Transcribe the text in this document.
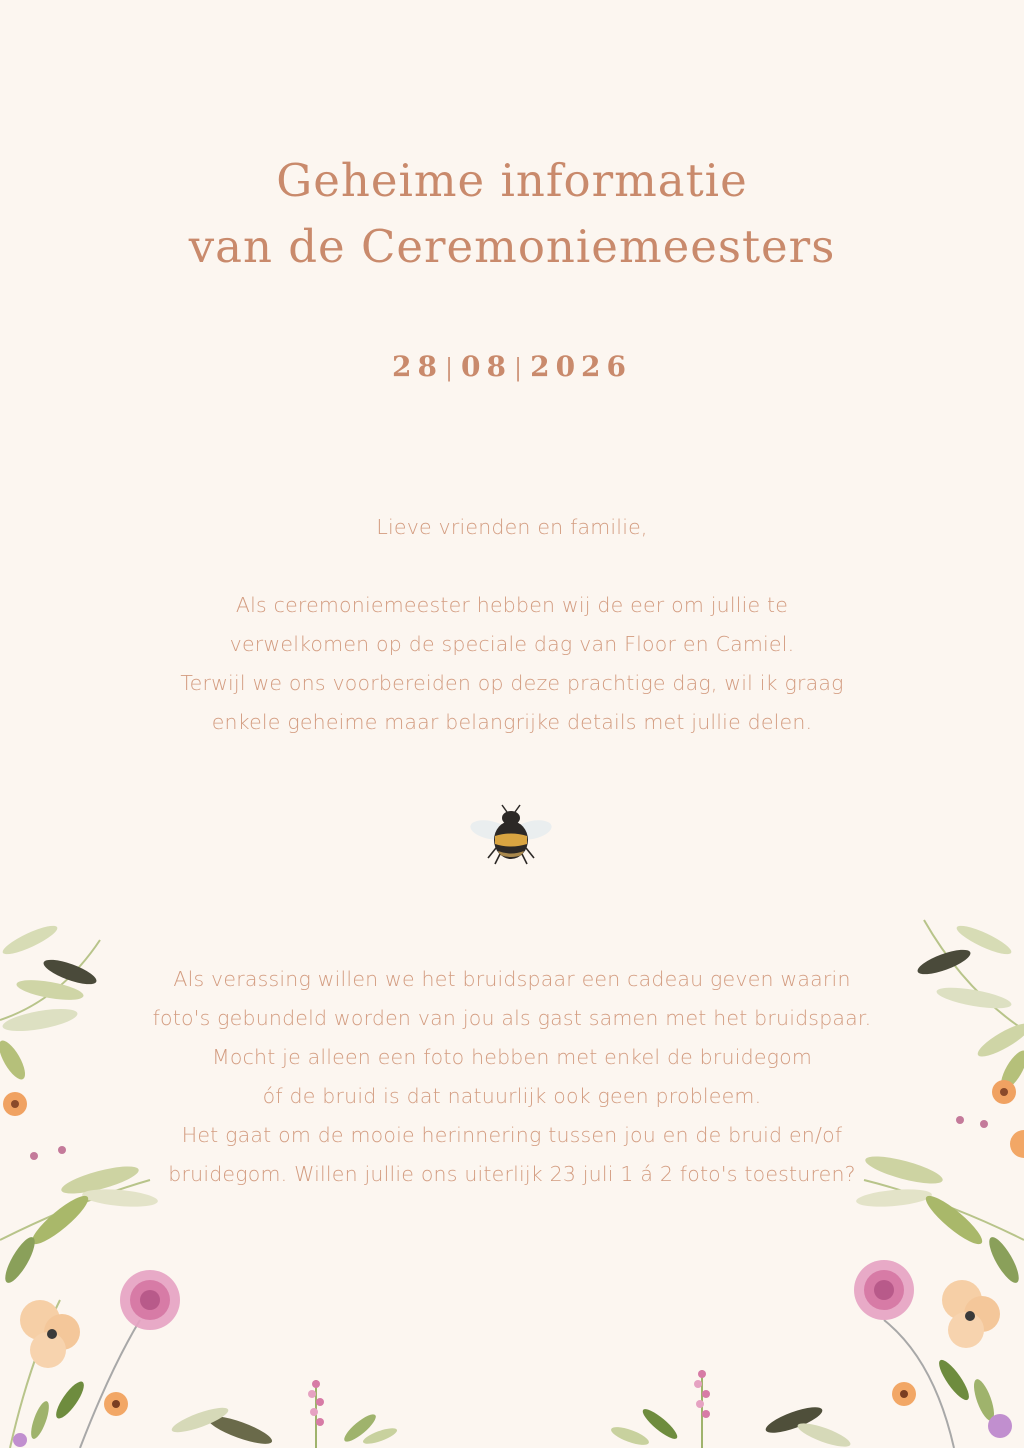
Geheime informatie
van de Ceremoniemeesters
28|08|2026
Lieve vrienden en familie,
Als ceremoniemeester hebben wij de eer om jullie te
verwelkomen op de speciale dag van Floor en Camiel.
Terwijl we ons voorbereiden op deze prachtige dag, wil ik graag
enkele geheime maar belangrijke details met jullie delen.
Als verassing willen we het bruidspaar een cadeau geven waarin
foto's gebundeld worden van jou als gast samen met het bruidspaar.
Mocht je alleen een foto hebben met enkel de bruidegom
óf de bruid is dat natuurlijk ook geen probleem.
Het gaat om de mooie herinnering tussen jou en de bruid en/of
bruidegom. Willen jullie ons uiterlijk 23 juli 1 á 2 foto's toesturen?
